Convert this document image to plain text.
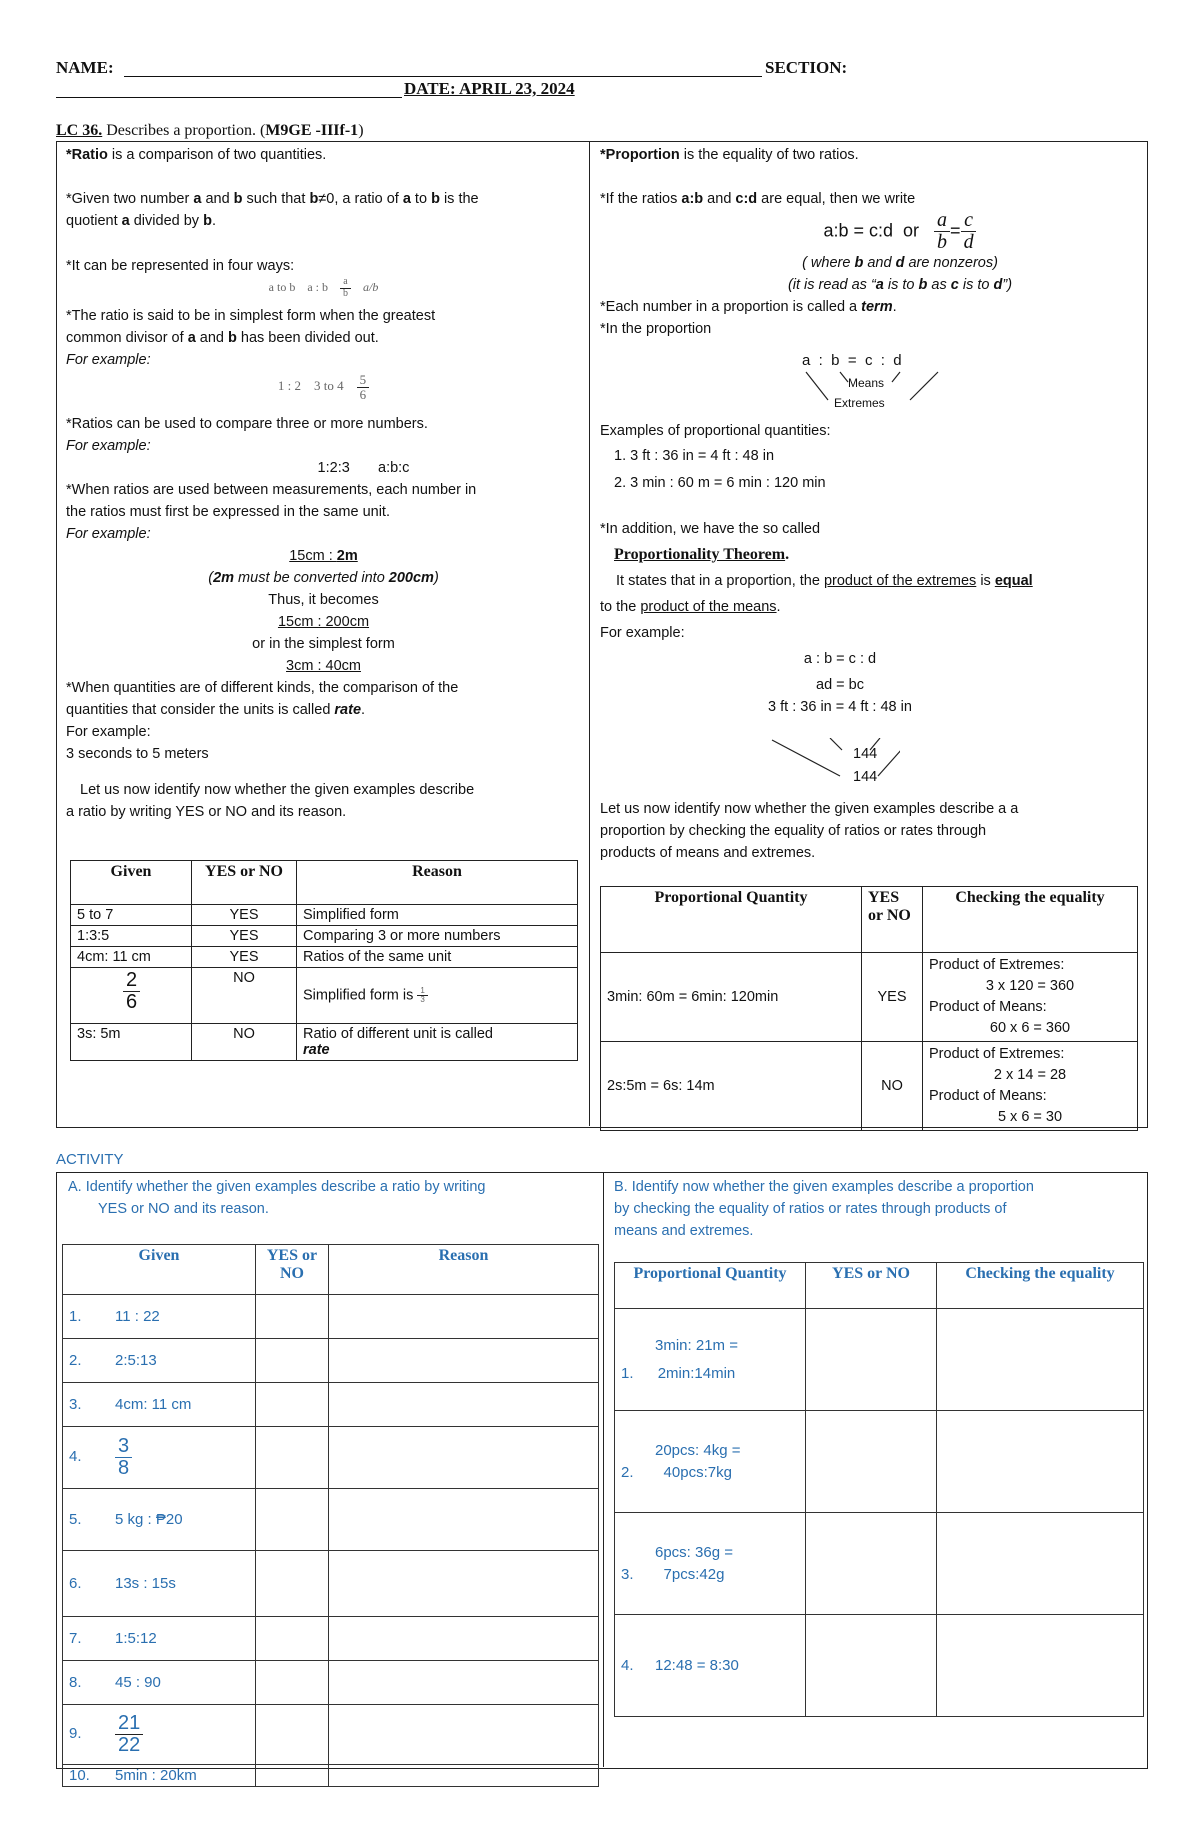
NAME:	SECTION:
DATE: APRIL 23, 2024
LC 36. Describes a proportion. (M9GE -IIIf-1)

*Ratio is a comparison of two quantities.

*Given two number a and b such that b≠0, a ratio of a to b is the

quotient a divided by b.

*It can be represented in four ways:

a to b a : b $\frac{a}{b} a/b$

*The ratio is said to be in simplest form when the greatest

common divisor of a and b has been divided out.

For example:

1 : 2 3 to $4 \frac{5}{6}$

*Ratios can be used to compare three or more numbers.

For example:

1:2:3 a:b:c

*When ratios are used between measurements, each number in

the ratios must first be expressed in the same unit.

For example:

15cm : 2m

(2m must be converted into 200cm)

Thus, it becomes

15cm : 200cm

or in the simplest form

3cm : 40cm

*When quantities are of different kinds, the comparison of the

quantities that consider the units is called rate.

For example:

3 seconds to 5 meters

Let us now identify now whether the given examples describe

a ratio by writing YES or NO and its reason.

Given	YES or NO	Reason
5 to 7	YES	Simplified form
1:3:5	YES	Comparing 3 or more numbers
4cm: 11 cm	YES	Ratios of the same unit

$\frac{2}{6}$	NO	Simplified form is $\frac{1}{3}$

3s: 5m	NO	Ratio of different unit is called
rate

*Proportion is the equality of two ratios.

*If the ratios a:b and c:d are equal, then we write

a:b = c:d or $\frac{a}{b} = \frac{c}{d}$

( where b and d are nonzeros)

(it is read as “a is to b as c is to d”)

*Each number in a proportion is called a term.

*In the proportion

a  :  b  =  c  :  d
Means
Extremes

Examples of proportional quantities:

1. 3 ft : 36 in = 4 ft : 48 in

2. 3 min : 60 m = 6 min : 120 min

*In addition, we have the so called

Proportionality Theorem.

It states that in a proportion, the product of the extremes is equal

to the product of the means.

For example:

a : b = c : d

ad = bc

3 ft : 36 in = 4 ft : 48 in

144
144

Let us now identify now whether the given examples describe a a

proportion by checking the equality of ratios or rates through

products of means and extremes.

Proportional Quantity	YES or NO	Checking the equality
3min: 60m = 6min: 120min	YES	Product of Extremes:
3 x 120 = 360
Product of Means:
60 x 6 = 360

2s:5m = 6s: 14m	NO	Product of Extremes:
2 x 14 = 28
Product of Means:
5 x 6 = 30
ACTIVITY

A. Identify whether the given examples describe a ratio by writing

YES or NO and its reason.

Given	YES or NO	Reason
1. 11 : 22		
2. 2:5:13		
3. 4cm: 11 cm		
4. $\frac{3}{8}$

5. 5 kg : ₱20		
6. 13s : 15s		
7. 1:5:12		
8. 45 : 90		
9. $\frac{21}{22}$

10. 5min : 20km		

B. Identify now whether the given examples describe a proportion

by checking the equality of ratios or rates through products of

means and extremes.

Proportional Quantity	YES or NO	Checking the equality
1.3min: 21m =
2min:14min		
2.20pcs: 4kg =
40pcs:7kg		
3.6pcs: 36g =
7pcs:42g		
4. 12:48 = 8:30		
